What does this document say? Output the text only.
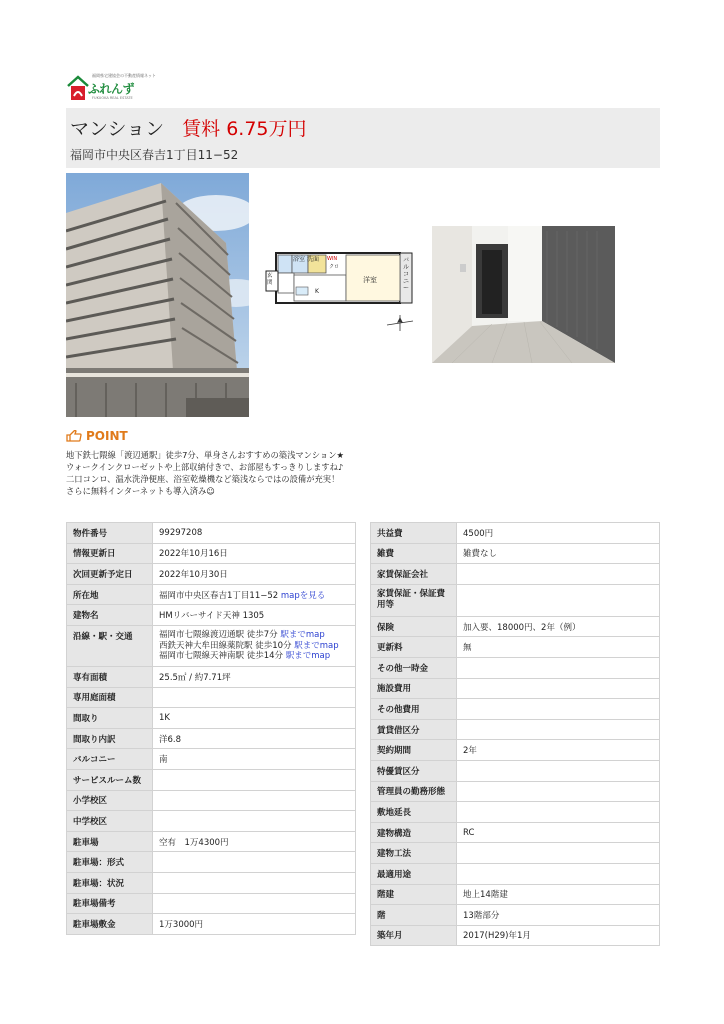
福岡県宅建協会の不動産情報ネット
ふれんず
FUKUOKA REAL ESTATE
マンション 賃料 6.75万円
福岡市中央区春吉1丁目11−52
浴室 洗面 WIN
クロ
洋室
バルコニー
玄関
K
POINT
地下鉄七隈線「渡辺通駅」徒歩7分、単身さんおすすめの築浅マンション★
ウォークインクローゼットや上部収納付きで、お部屋もすっきりしますね♪
二口コンロ、温水洗浄便座、浴室乾燥機など築浅ならではの設備が充実！
さらに無料インターネットも導入済み☺
物件番号	99297208
情報更新日	2022年10月16日
次回更新予定日	2022年10月30日
所在地	福岡市中央区春吉1丁目11−52 mapを見る
建物名	HMリバーサイド天神 1305
沿線・駅・交通	福岡市七隈線渡辺通駅 徒歩7分 駅までmap
西鉄天神大牟田線薬院駅 徒歩10分 駅までmap
福岡市七隈線天神南駅 徒歩14分 駅までmap

専有面積	25.5㎡ / 約7.71坪
専用庭面積	
間取り	1K
間取り内訳	洋6.8
バルコニー	南
サービスルーム数	
小学校区	
中学校区	
駐車場	空有　1万4300円
駐車場：形式	
駐車場：状況	
駐車場備考	
駐車場敷金	1万3000円
共益費	4500円
雑費	雑費なし
家賃保証会社	
家賃保証・保証費用等	
保険	加入要、18000円、2年（例）
更新料	無
その他一時金	
施設費用	
その他費用	
賃貸借区分	
契約期間	2年
特優賃区分	
管理員の勤務形態	
敷地延長	
建物構造	RC
建物工法	
最適用途	
階建	地上14階建
階	13階部分
築年月	2017(H29)年1月
